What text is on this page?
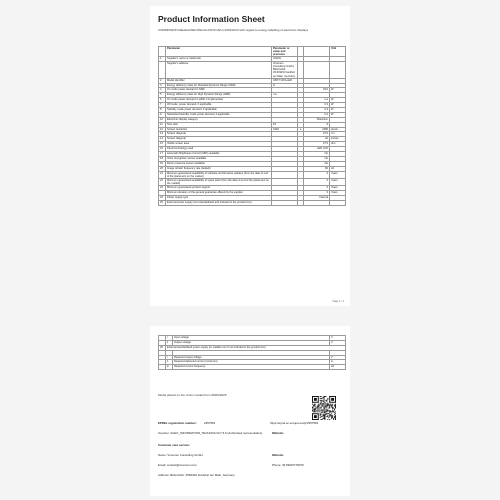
Product Information Sheet
COMMISSION DELEGATED REGULATION (EU) 2019/2013 with regard to energy labelling of electronic displays
	Parameter	Parameter or value and precision			Unit
1	Supplier's name or trademark	Ortizlie			
	Supplier's address	Vroemen Consulting GmbH, Bahnhofstr. 45,60329 Frankfurt am Main, Germany			
2	Model identifier	ORT-T-ROLLER			
3	Energy efficiency class for Standard Dynamic Range (SDR)	G			
4	On mode power demand in SDR			23.0	W
5	Energy efficiency class for High Dynamic Range (HDR)	n.a			
6	On mode power demand in HDR, if implemented			n.a	W
7	Off mode, power demand, if applicable			0.3	W
8	Standby mode power demand, if applicable			0.3	W
9	Networked standby mode power demand, if applicable			0.4	W
10	Electronic display category			Television	
11	Size ratio	16	:	9	
12	Screen resolution	1920	x	1080	pixels
13	Screen diagonal			27.6	cm
14	Screen diagonal			32	inches
15	Visible screen area			27.6	dm²
16	Panel technology used			LED LCD	
17	Automatic Brightness Control (ABC) available			No	
18	Voice recognition sensor available			No	
19	Room presence sensor available			No	
20	Image refresh frequency rate (default)			60	Hz
21	Minimum guaranteed availability of software and firmware updates (from the date of end of the placement on the market)			3	Years
22	Minimum guaranteed availability of spare parts (from the date of end of the placement on the market)			3	Years
23	Minimum guaranteed product support			3	Years
	Minimum duration of the general guarantee offered by the supplier			3	Years
24	Power supply type			Internal	
25	External power supply (non standardised and included in the product box)				
Page 1 / 2
	i	Input voltage	V
	ii	Output voltage	V
26	External standardised power supply (or suitable one if not included in the product box)		

	i	Required output voltage	V
	ii	Required delivered current (minimum)	A
	iii	Required current frequency	Hz
Model placed on the Union market from 06/05/2025.
EPREL registration number:	2357581	https://eprel.ec.europa.eu/qr/2357581
Importer: ACEO_INFORMATION_TECHNOLOGY 5.6 (Authorised representative)	Website:
Customer care service:
Name: Vroemen Consulting GmbH	Website:
Email: contact@vroemen.com	Phone: 49 69915778079
Address: Bahnhofstr. 4560329 Frankfurt am Main, Germany
